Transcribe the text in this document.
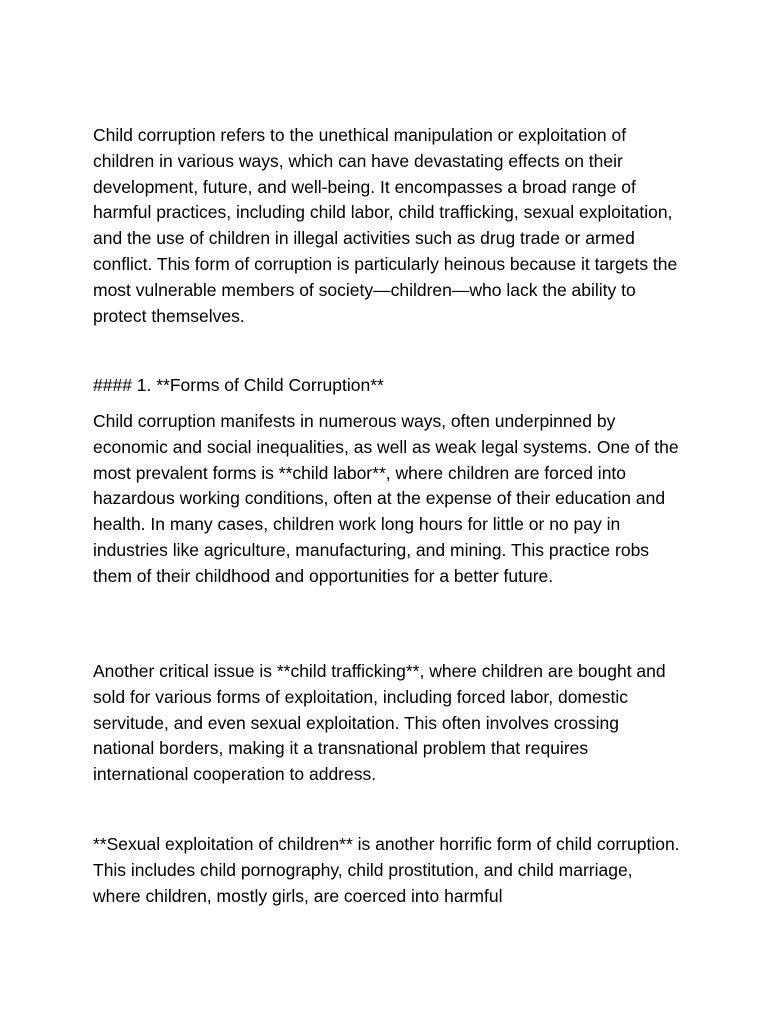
Child corruption refers to the unethical manipulation or exploitation of children in various ways, which can have devastating effects on their development, future, and well-being. It encompasses a broad range of harmful practices, including child labor, child trafficking, sexual exploitation, and the use of children in illegal activities such as drug trade or armed conflict. This form of corruption is particularly heinous because it targets the most vulnerable members of society—children—who lack the ability to protect themselves.

#### 1. **Forms of Child Corruption**

Child corruption manifests in numerous ways, often underpinned by economic and social inequalities, as well as weak legal systems. One of the most prevalent forms is **child labor**, where children are forced into hazardous working conditions, often at the expense of their education and health. In many cases, children work long hours for little or no pay in industries like agriculture, manufacturing, and mining. This practice robs them of their childhood and opportunities for a better future.

Another critical issue is **child trafficking**, where children are bought and sold for various forms of exploitation, including forced labor, domestic servitude, and even sexual exploitation. This often involves crossing national borders, making it a transnational problem that requires international cooperation to address.

**Sexual exploitation of children** is another horrific form of child corruption. This includes child pornography, child prostitution, and child marriage, where children, mostly girls, are coerced into harmful
